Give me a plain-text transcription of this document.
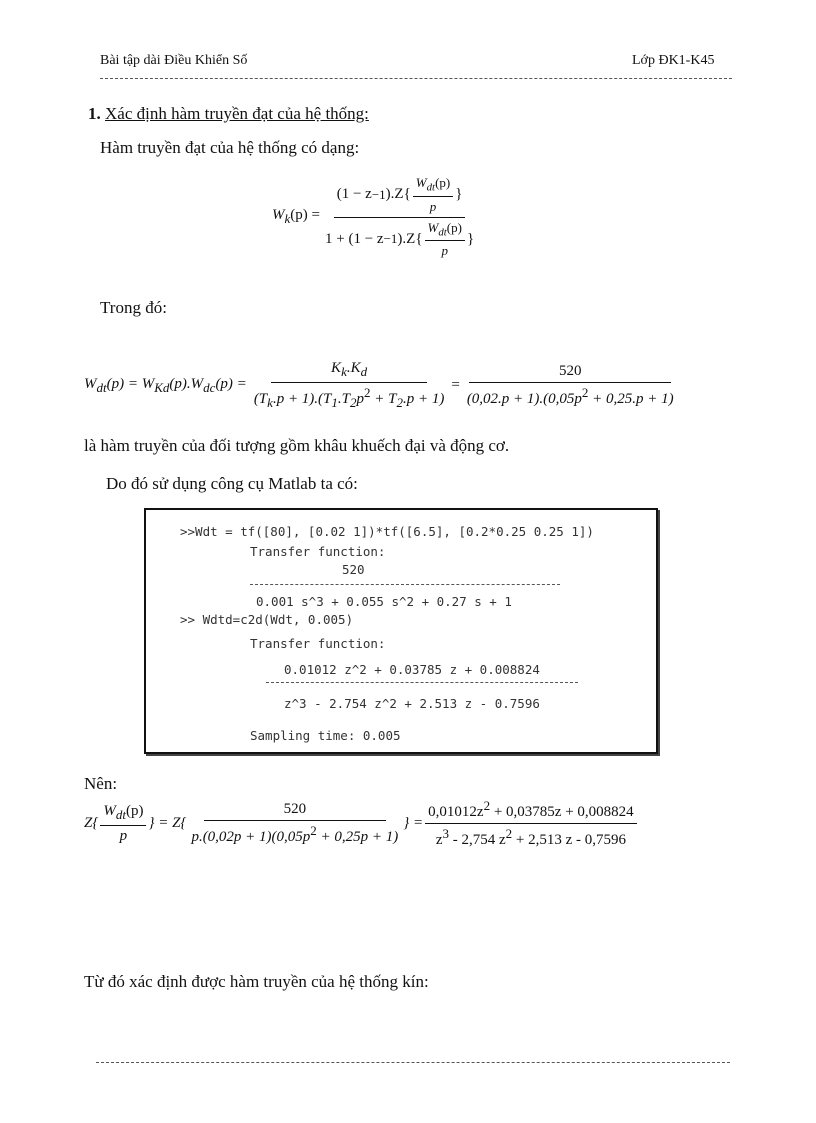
Bài tập dài Điều Khiển Số	Lớp ĐK1-K45
1. Xác định hàm truyền đạt của hệ thống:
Hàm truyền đạt của hệ thống có dạng:
$W_k(p)$ =
(1 − z −1 )$.Z\{ \frac{W_{dt}(p)}{p}$ }
1 + (1 − z −1 )$.Z\{ \frac{W_{dt}(p)}{p}$ }
Trong đó:
$W_{dt}(p) = W_{Kd}(p).W_{dc}(p) = \frac{K_k.K_d}{(T_k.p + 1).(T_1.T_2p^2 + T_2.p + 1)} = \frac{520}{(0,02.p + 1).(0,05p^2 + 0,25.p + 1)}$
là hàm truyền của đối tượng gồm khâu khuếch đại và động cơ.
Do đó sử dụng công cụ Matlab ta có:
>>Wdt = tf([80], [0.02 1])*tf([6.5], [0.2*0.25 0.25 1])
Transfer function:
520
0.001 s^3 + 0.055 s^2 + 0.27 s + 1
>> Wdtd=c2d(Wdt, 0.005)
Transfer function:
0.01012 z^2 + 0.03785 z + 0.008824
z^3 - 2.754 z^2 + 2.513 z - 0.7596
Sampling time: 0.005
Nên:
$Z\{ \frac{W_{dt}(p)}{p}$ } = $Z\{ \frac{520}{p.(0,02p + 1)(0,05p^2 + 0,25p + 1)}$ } = $\frac{0,01012z^2 + 0,03785z + 0,008824}{z^3 - 2,754 z^2 + 2,513 z - 0,7596}$
Từ đó xác định được hàm truyền của hệ thống kín:
